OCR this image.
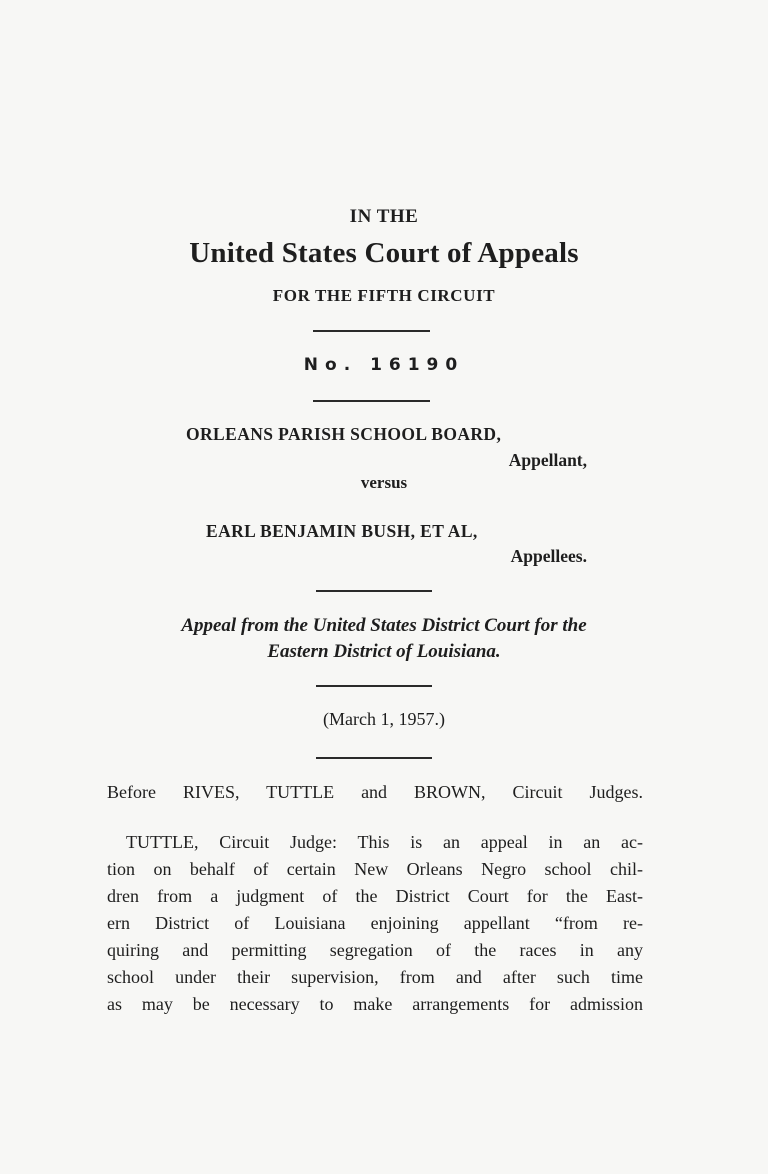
IN THE
United States Court of Appeals
FOR THE FIFTH CIRCUIT
No. 16190
ORLEANS PARISH SCHOOL BOARD,
Appellant,
versus
EARL BENJAMIN BUSH, ET AL,
Appellees.
Appeal from the United States District Court for the
Eastern District of Louisiana.
(March 1, 1957.)
Before RIVES, TUTTLE and BROWN, Circuit Judges.
TUTTLE, Circuit Judge: This is an appeal in an ac-
tion on behalf of certain New Orleans Negro school chil-
dren from a judgment of the District Court for the East-
ern District of Louisiana enjoining appellant “from re-
quiring and permitting segregation of the races in any
school under their supervision, from and after such time
as may be necessary to make arrangements for admission
